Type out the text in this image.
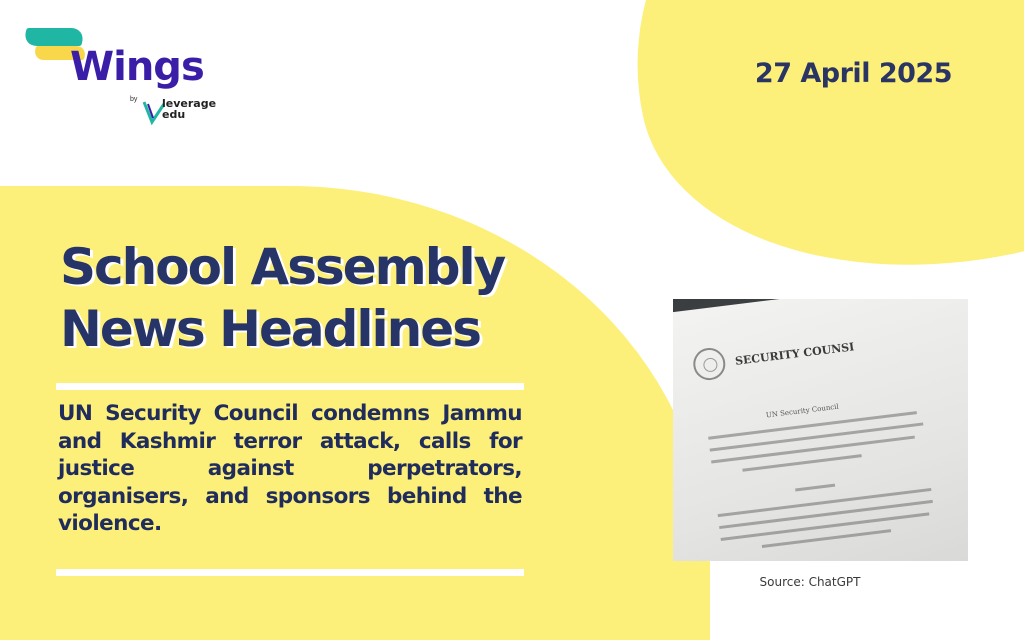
Wings
by leverage
edu
27 April 2025
School Assembly
News Headlines
UN Security Council condemns Jammu and Kashmir terror attack, calls for justice against perpetrators, organisers, and sponsors behind the violence.
SECURITY COUNSI
UN Security Council
Source: ChatGPT
